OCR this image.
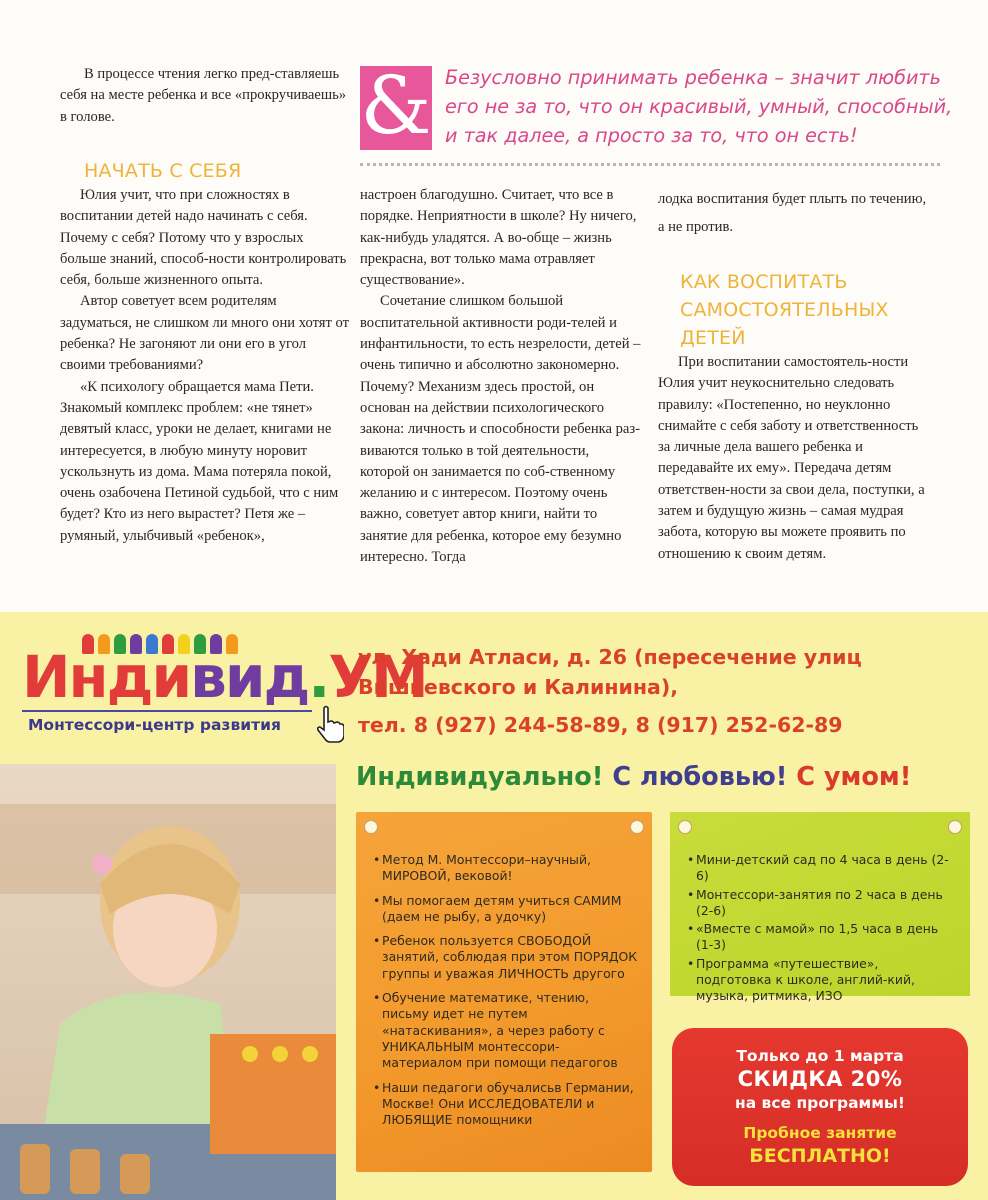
В процессе чтения легко пред-ставляешь себя на месте ребенка и все «прокручиваешь» в голове.

НАЧАТЬ С СЕБЯ

Юлия учит, что при сложностях в воспитании детей надо начинать с себя. Почему с себя? Потому что у взрослых больше знаний, способ-ности контролировать себя, больше жизненного опыта.

Автор советует всем родителям задуматься, не слишком ли много они хотят от ребенка? Не загоняют ли они его в угол своими требованиями?

«К психологу обращается мама Пети. Знакомый комплекс проблем: «не тянет» девятый класс, уроки не делает, книгами не интересуется, в любую минуту норовит ускользнуть из дома. Мама потеряла покой, очень озабочена Петиной судьбой, что с ним будет? Кто из него вырастет? Петя же – румяный, улыбчивый «ребенок»,

& Безусловно принимать ребенка – значит любить его не за то, что он красивый, умный, способный, и так далее, а просто за то, что он есть!

настроен благодушно. Считает, что все в порядке. Неприятности в школе? Ну ничего, как-нибудь уладятся. А во-обще – жизнь прекрасна, вот только мама отравляет существование».

Сочетание слишком большой воспитательной активности роди-телей и инфантильности, то есть незрелости, детей – очень типично и абсолютно закономерно. Почему? Механизм здесь простой, он основан на действии психологического закона: личность и способности ребенка раз-виваются только в той деятельности, которой он занимается по соб-ственному желанию и с интересом. Поэтому очень важно, советует автор книги, найти то занятие для ребенка, которое ему безумно интересно. Тогда

лодка воспитания будет плыть по течению, а не против.

КАК ВОСПИТАТЬ САМОСТОЯТЕЛЬНЫХ ДЕТЕЙ

При воспитании самостоятель-ности Юлия учит неукоснительно следовать правилу: «Постепенно, но неуклонно снимайте с себя заботу и ответственность за личные дела вашего ребенка и передавайте их ему». Передача детям ответствен-ности за свои дела, поступки, а затем и будущую жизнь – самая мудрая забота, которую вы можете проявить по отношению к своим детям.

Индивид.УМ
Монтессори-центр развития
ул. Хади Атласи, д. 26 (пересечение улиц Вишневского и Калинина),
тел. 8 (927) 244-58-89, 8 (917) 252-62-89
Индивидуально! С любовью! С умом!
• Метод М. Монтессори–научный, МИРОВОЙ, вековой!
• Мы помогаем детям учиться САМИМ (даем не рыбу, а удочку)
• Ребенок пользуется СВОБОДОЙ занятий, соблюдая при этом ПОРЯДОК группы и уважая ЛИЧНОСТЬ другого
• Обучение математике, чтению, письму идет не путем «натаскивания», а через работу с УНИКАЛЬНЫМ монтессори-материалом при помощи педагогов
• Наши педагоги обучалисьв Германии, Москве! Они ИССЛЕДОВАТЕЛИ и ЛЮБЯЩИЕ помощники
• Мини-детский сад по 4 часа в день (2-6)
• Монтессори-занятия по 2 часа в день (2-6)
• «Вместе с мамой» по 1,5 часа в день (1-3)
• Программа «путешествие», подготовка к школе, англий-кий, музыка, ритмика, ИЗО
Только до 1 марта
СКИДКА 20%
на все программы!
Пробное занятие
БЕСПЛАТНО!
